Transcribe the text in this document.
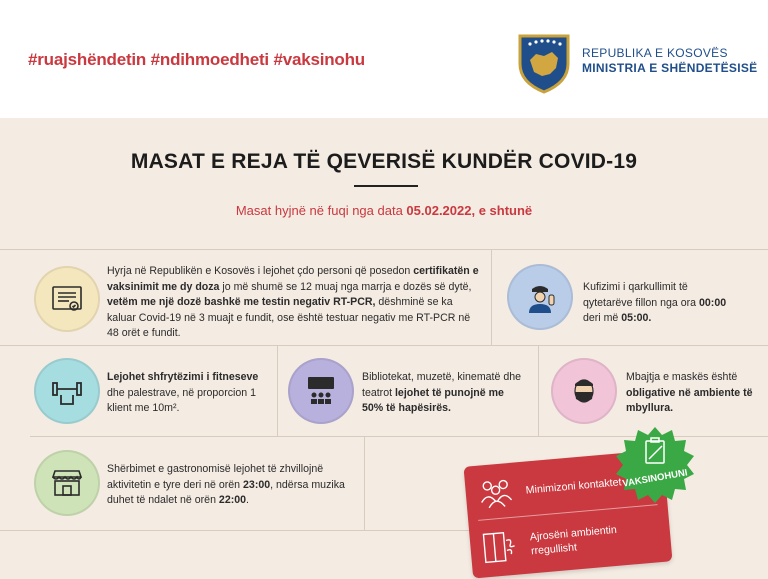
#ruajshëndetin #ndihmoedheti #vaksinohu	REPUBLIKA E KOSOVËS
MINISTRIA E SHËNDETËSISË
MASAT E REJA TË QEVERISË KUNDËR COVID-19
Masat hyjnë në fuqi nga data 05.02.2022, e shtunë
Hyrja në Republikën e Kosovës i lejohet çdo personi që posedon certifikatën e vaksinimit me dy doza jo më shumë se 12 muaj nga marrja e dozës së dytë, vetëm me një dozë bashkë me testin negativ RT-PCR, dëshminë se ka kaluar Covid-19 në 3 muajt e fundit, ose është testuar negativ me RT-PCR në 48 orët e fundit.
Kufizimi i qarkullimit të qytetarëve fillon nga ora 00:00 deri më 05:00.
Lejohet shfrytëzimi i fitneseve dhe palestrave, në proporcion 1 klient me 10m².
Bibliotekat, muzetë, kinematë dhe teatrot lejohet të punojnë me 50% të hapësirës.
Mbajtja e maskës është obligative në ambiente të mbyllura.
Shërbimet e gastronomisë lejohet të zhvillojnë aktivitetin e tyre deri në orën 23:00, ndërsa muzika duhet të ndalet në orën 22:00.
Minimizoni kontaktet
Ajrosëni ambientin rregullisht
VAKSINOHUNI
